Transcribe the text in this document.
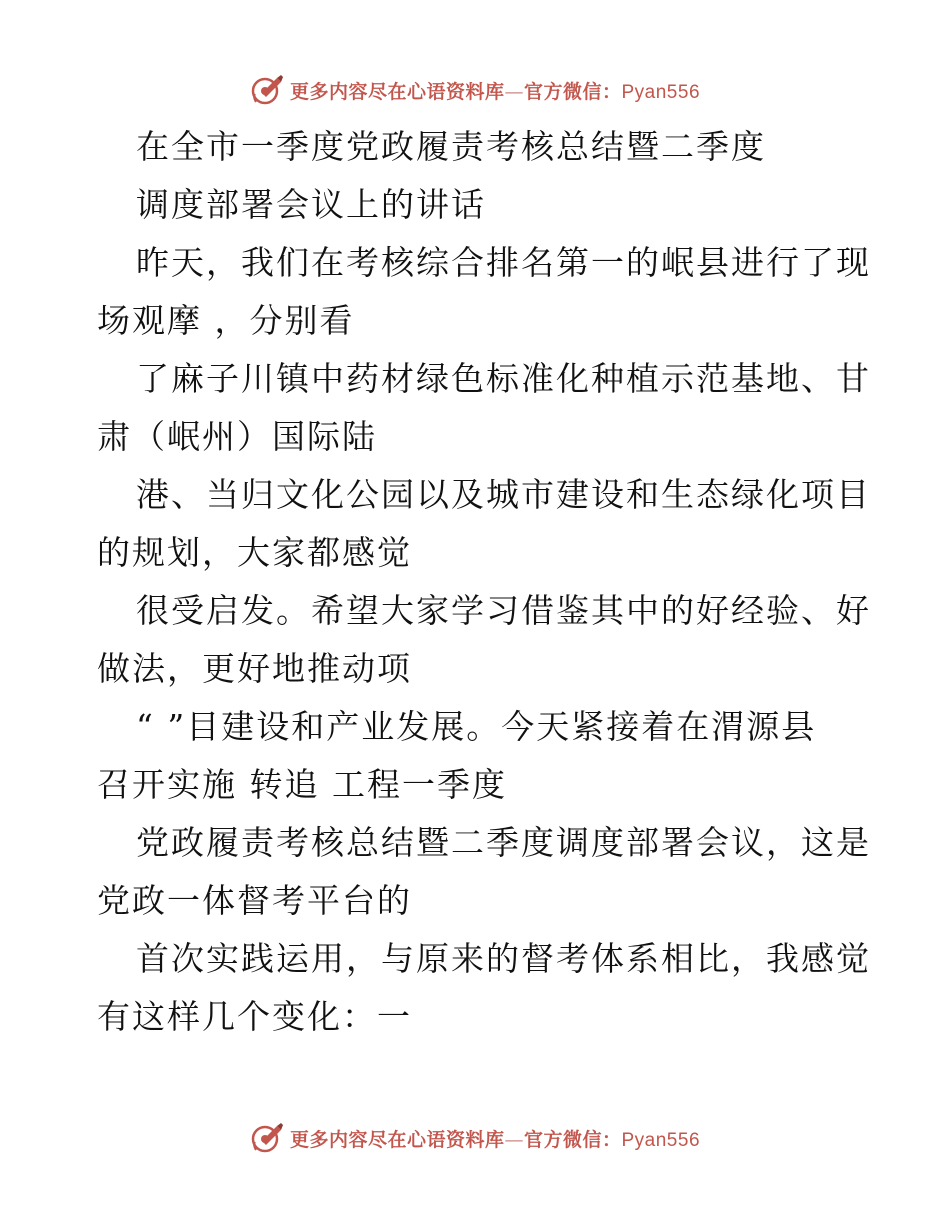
更多内容尽在心语资料库—官方微信：Pyan556
在全市一季度党政履责考核总结暨二季度
调度部署会议上的讲话
昨天，我们在考核综合排名第一的岷县进行了现
场观摩 ，分别看
了麻子川镇中药材绿色标准化种植示范基地、甘
肃（岷州）国际陆
港、当归文化公园以及城市建设和生态绿化项目
的规划，大家都感觉
很受启发。希望大家学习借鉴其中的好经验、好
做法，更好地推动项
“ ”目建设和产业发展。今天紧接着在渭源县
召开实施 转追 工程一季度
党政履责考核总结暨二季度调度部署会议，这是
党政一体督考平台的
首次实践运用，与原来的督考体系相比，我感觉
有这样几个变化：一
更多内容尽在心语资料库—官方微信：Pyan556
